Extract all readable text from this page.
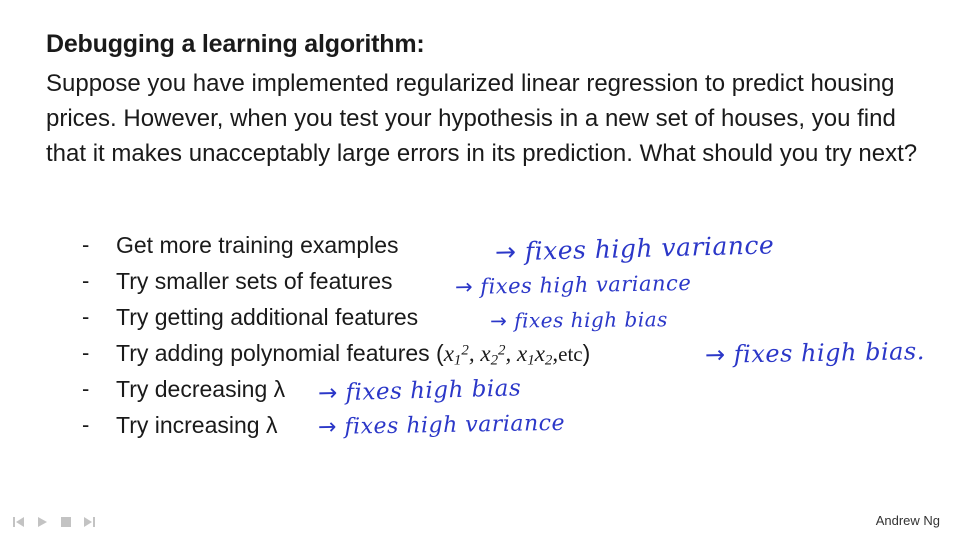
Debugging a learning algorithm:
Suppose you have implemented regularized linear regression to predict housing prices. However, when you test your hypothesis in a new set of houses, you find that it makes unacceptably large errors in its prediction. What should you try next?
- Get more training examples
- Try smaller sets of features
- Try getting additional features
- Try adding polynomial features ($x_1^2$, $x_2^2$, $x_1x_2,etc$)
- Try decreasing λ
- Try increasing λ
→ fixes high variance
→ fixes high variance
→ fixes high bias
→ fixes high bias.
→ fixes high bias
→ fixes high variance
Andrew Ng
